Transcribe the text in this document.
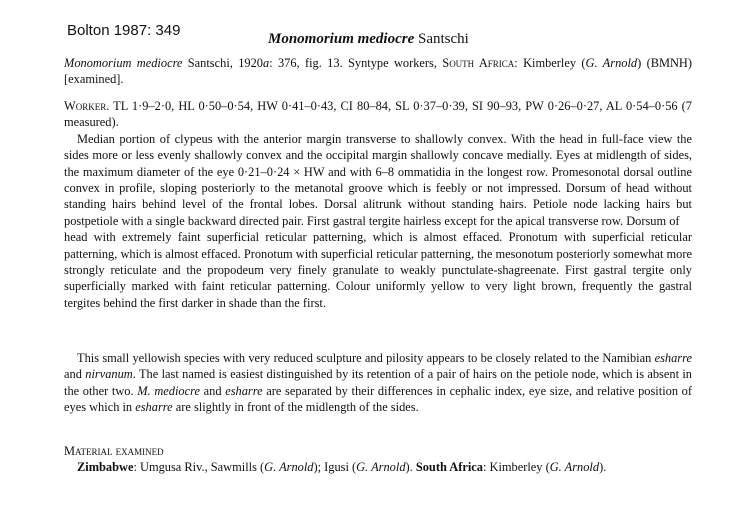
Bolton 1987: 349	Monomorium mediocre Santschi
Monomorium mediocre Santschi, 1920a: 376, fig. 13. Syntype workers, South Africa: Kimberley (G. Arnold) (BMNH) [examined].

Worker. TL 1·9–2·0, HL 0·50–0·54, HW 0·41–0·43, CI 80–84, SL 0·37–0·39, SI 90–93, PW 0·26–0·27, AL 0·54–0·56 (7 measured).

Median portion of clypeus with the anterior margin transverse to shallowly convex. With the head in full-face view the sides more or less evenly shallowly convex and the occipital margin shallowly concave medially. Eyes at midlength of sides, the maximum diameter of the eye 0·21–0·24 × HW and with 6–8 ommatidia in the longest row. Promesonotal dorsal outline convex in profile, sloping posteriorly to the metanotal groove which is feebly or not impressed. Dorsum of head without standing hairs behind level of the frontal lobes. Dorsal alitrunk without standing hairs. Petiole node lacking hairs but postpetiole with a single backward directed pair. First gastral tergite hairless except for the apical transverse row. Dorsum of

head with extremely faint superficial reticular patterning, which is almost effaced. Pronotum with superficial reticular patterning, which is almost effaced. Pronotum with superficial reticular patterning, the mesonotum posteriorly somewhat more strongly reticulate and the propodeum very finely granulate to weakly punctulate-shagreenate. First gastral tergite only superficially marked with faint reticular patterning. Colour uniformly yellow to very light brown, frequently the gastral tergites behind the first darker in shade than the first.

This small yellowish species with very reduced sculpture and pilosity appears to be closely related to the Namibian esharre and nirvanum. The last named is easiest distinguished by its retention of a pair of hairs on the petiole node, which is absent in the other two. M. mediocre and esharre are separated by their differences in cephalic index, eye size, and relative position of eyes which in esharre are slightly in front of the midlength of the sides.

Material examined

Zimbabwe: Umgusa Riv., Sawmills (G. Arnold); Igusi (G. Arnold). South Africa: Kimberley (G. Arnold).
